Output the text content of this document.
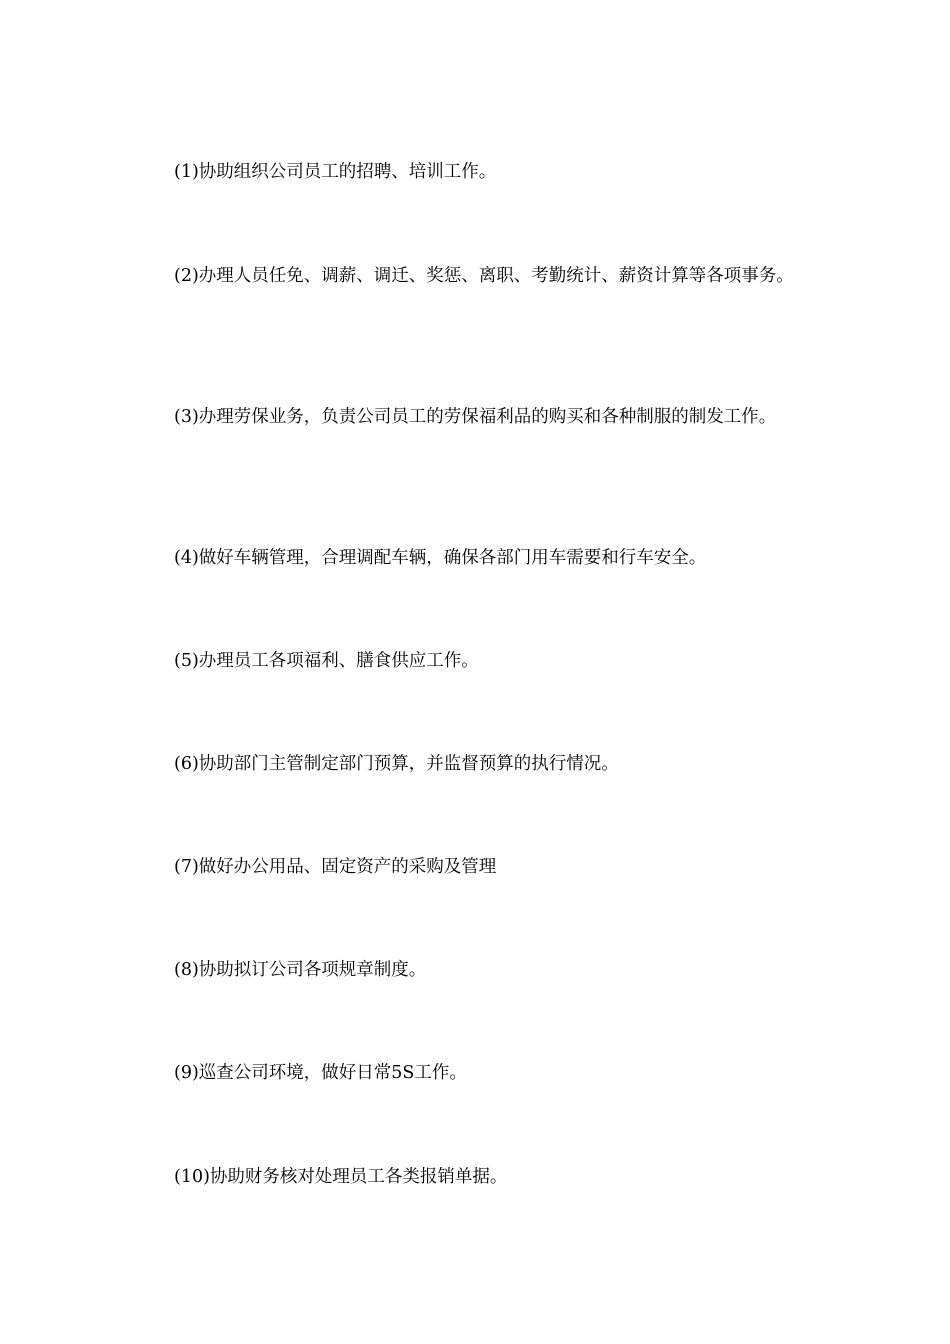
(1)协助组织公司员工的招聘、培训工作。

(2)办理人员任免、调薪、调迁、奖惩、离职、考勤统计、薪资计算等各项事务。

(3)办理劳保业务，负责公司员工的劳保福利品的购买和各种制服的制发工作。

(4)做好车辆管理，合理调配车辆，确保各部门用车需要和行车安全。

(5)办理员工各项福利、膳食供应工作。

(6)协助部门主管制定部门预算，并监督预算的执行情况。

(7)做好办公用品、固定资产的采购及管理

(8)协助拟订公司各项规章制度。

(9)巡查公司环境，做好日常5S工作。

(10)协助财务核对处理员工各类报销单据。
